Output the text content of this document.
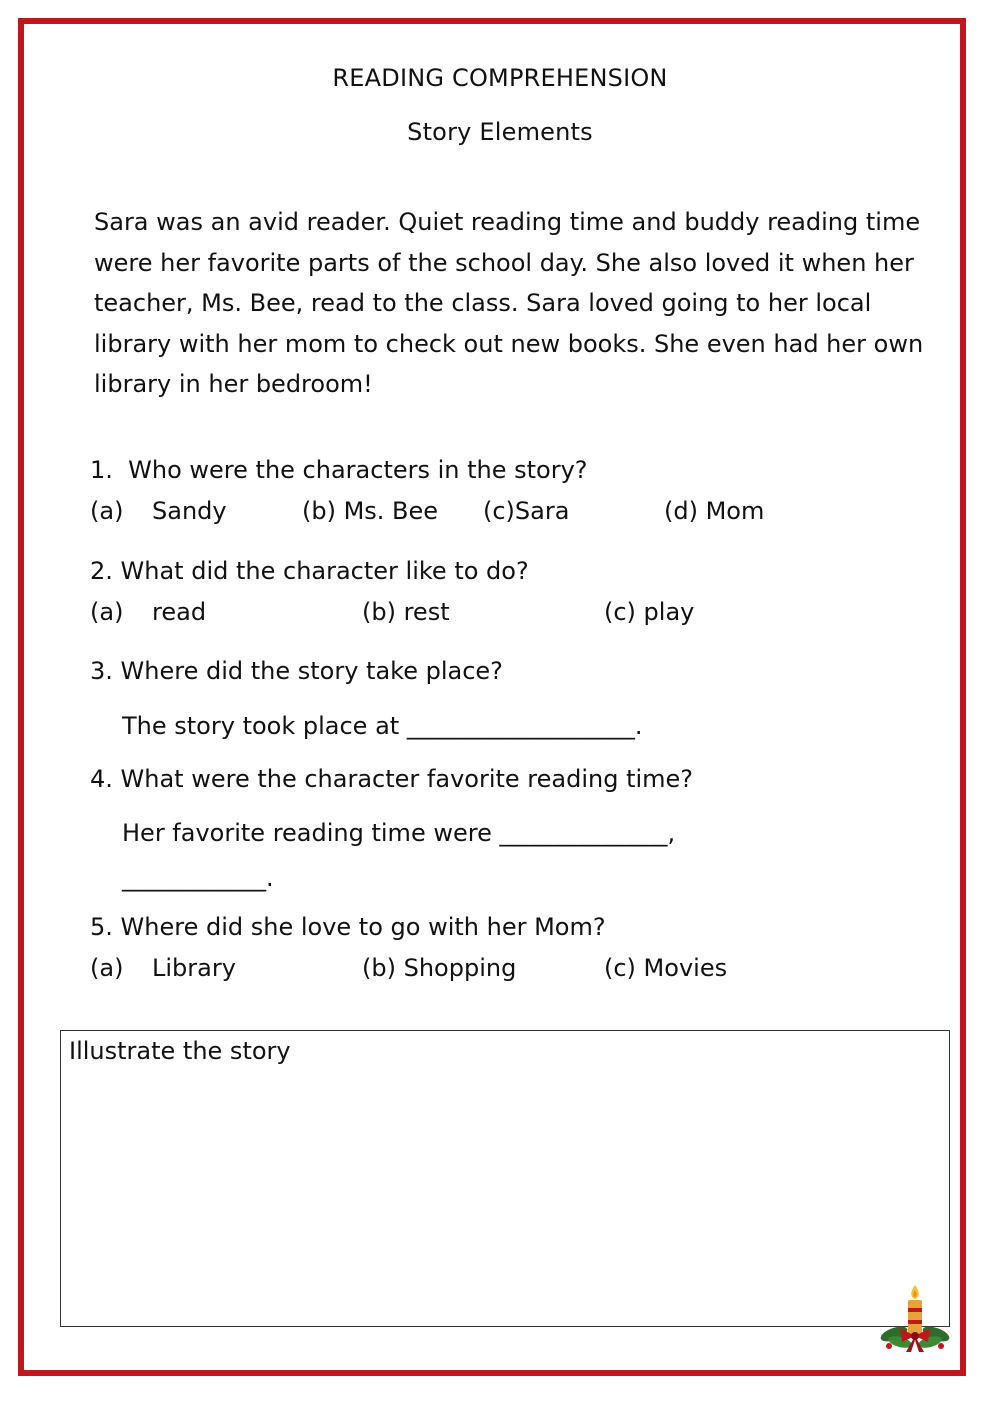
READING COMPREHENSION
Story Elements
Sara was an avid reader. Quiet reading time and buddy reading time were her favorite parts of the school day. She also loved it when her teacher, Ms. Bee, read to the class. Sara loved going to her local library with her mom to check out new books. She even had her own library in her bedroom!
1.  Who were the characters in the story?
(a) Sandy	(b) Ms. Bee (c)Sara	(d) Mom
2. What did the character like to do?
(a) read	(b) rest	(c) play
3. Where did the story take place?
The story took place at ___________________.
4. What were the character favorite reading time?
Her favorite reading time were ______________,
____________.
5. Where did she love to go with her Mom?
(a) Library	(b) Shopping	(c) Movies
Illustrate the story
